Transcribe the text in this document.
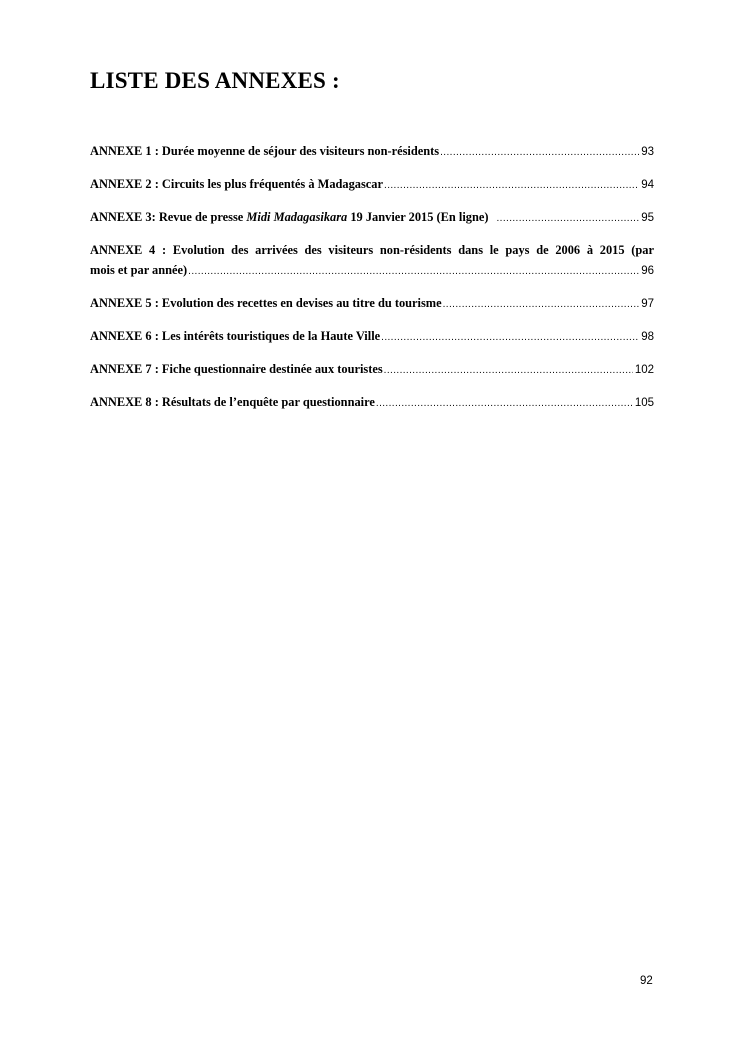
LISTE DES ANNEXES :
ANNEXE 1 : Durée moyenne de séjour des visiteurs non-résidents .....	93
ANNEXE 2 : Circuits les plus fréquentés à Madagascar .....	94
ANNEXE 3: Revue de presse Midi Madagasikara 19 Janvier 2015 (En ligne) .....	95
ANNEXE 4 : Evolution des arrivées des visiteurs non-résidents dans le pays de 2006 à 2015 (par
mois et par année) .....	96
ANNEXE 5 : Evolution des recettes en devises au titre du tourisme .....	97
ANNEXE 6 : Les intérêts touristiques de la Haute Ville .....	98
ANNEXE 7 : Fiche questionnaire destinée aux touristes .....	102
ANNEXE 8 : Résultats de l’enquête par questionnaire .....	105
92
